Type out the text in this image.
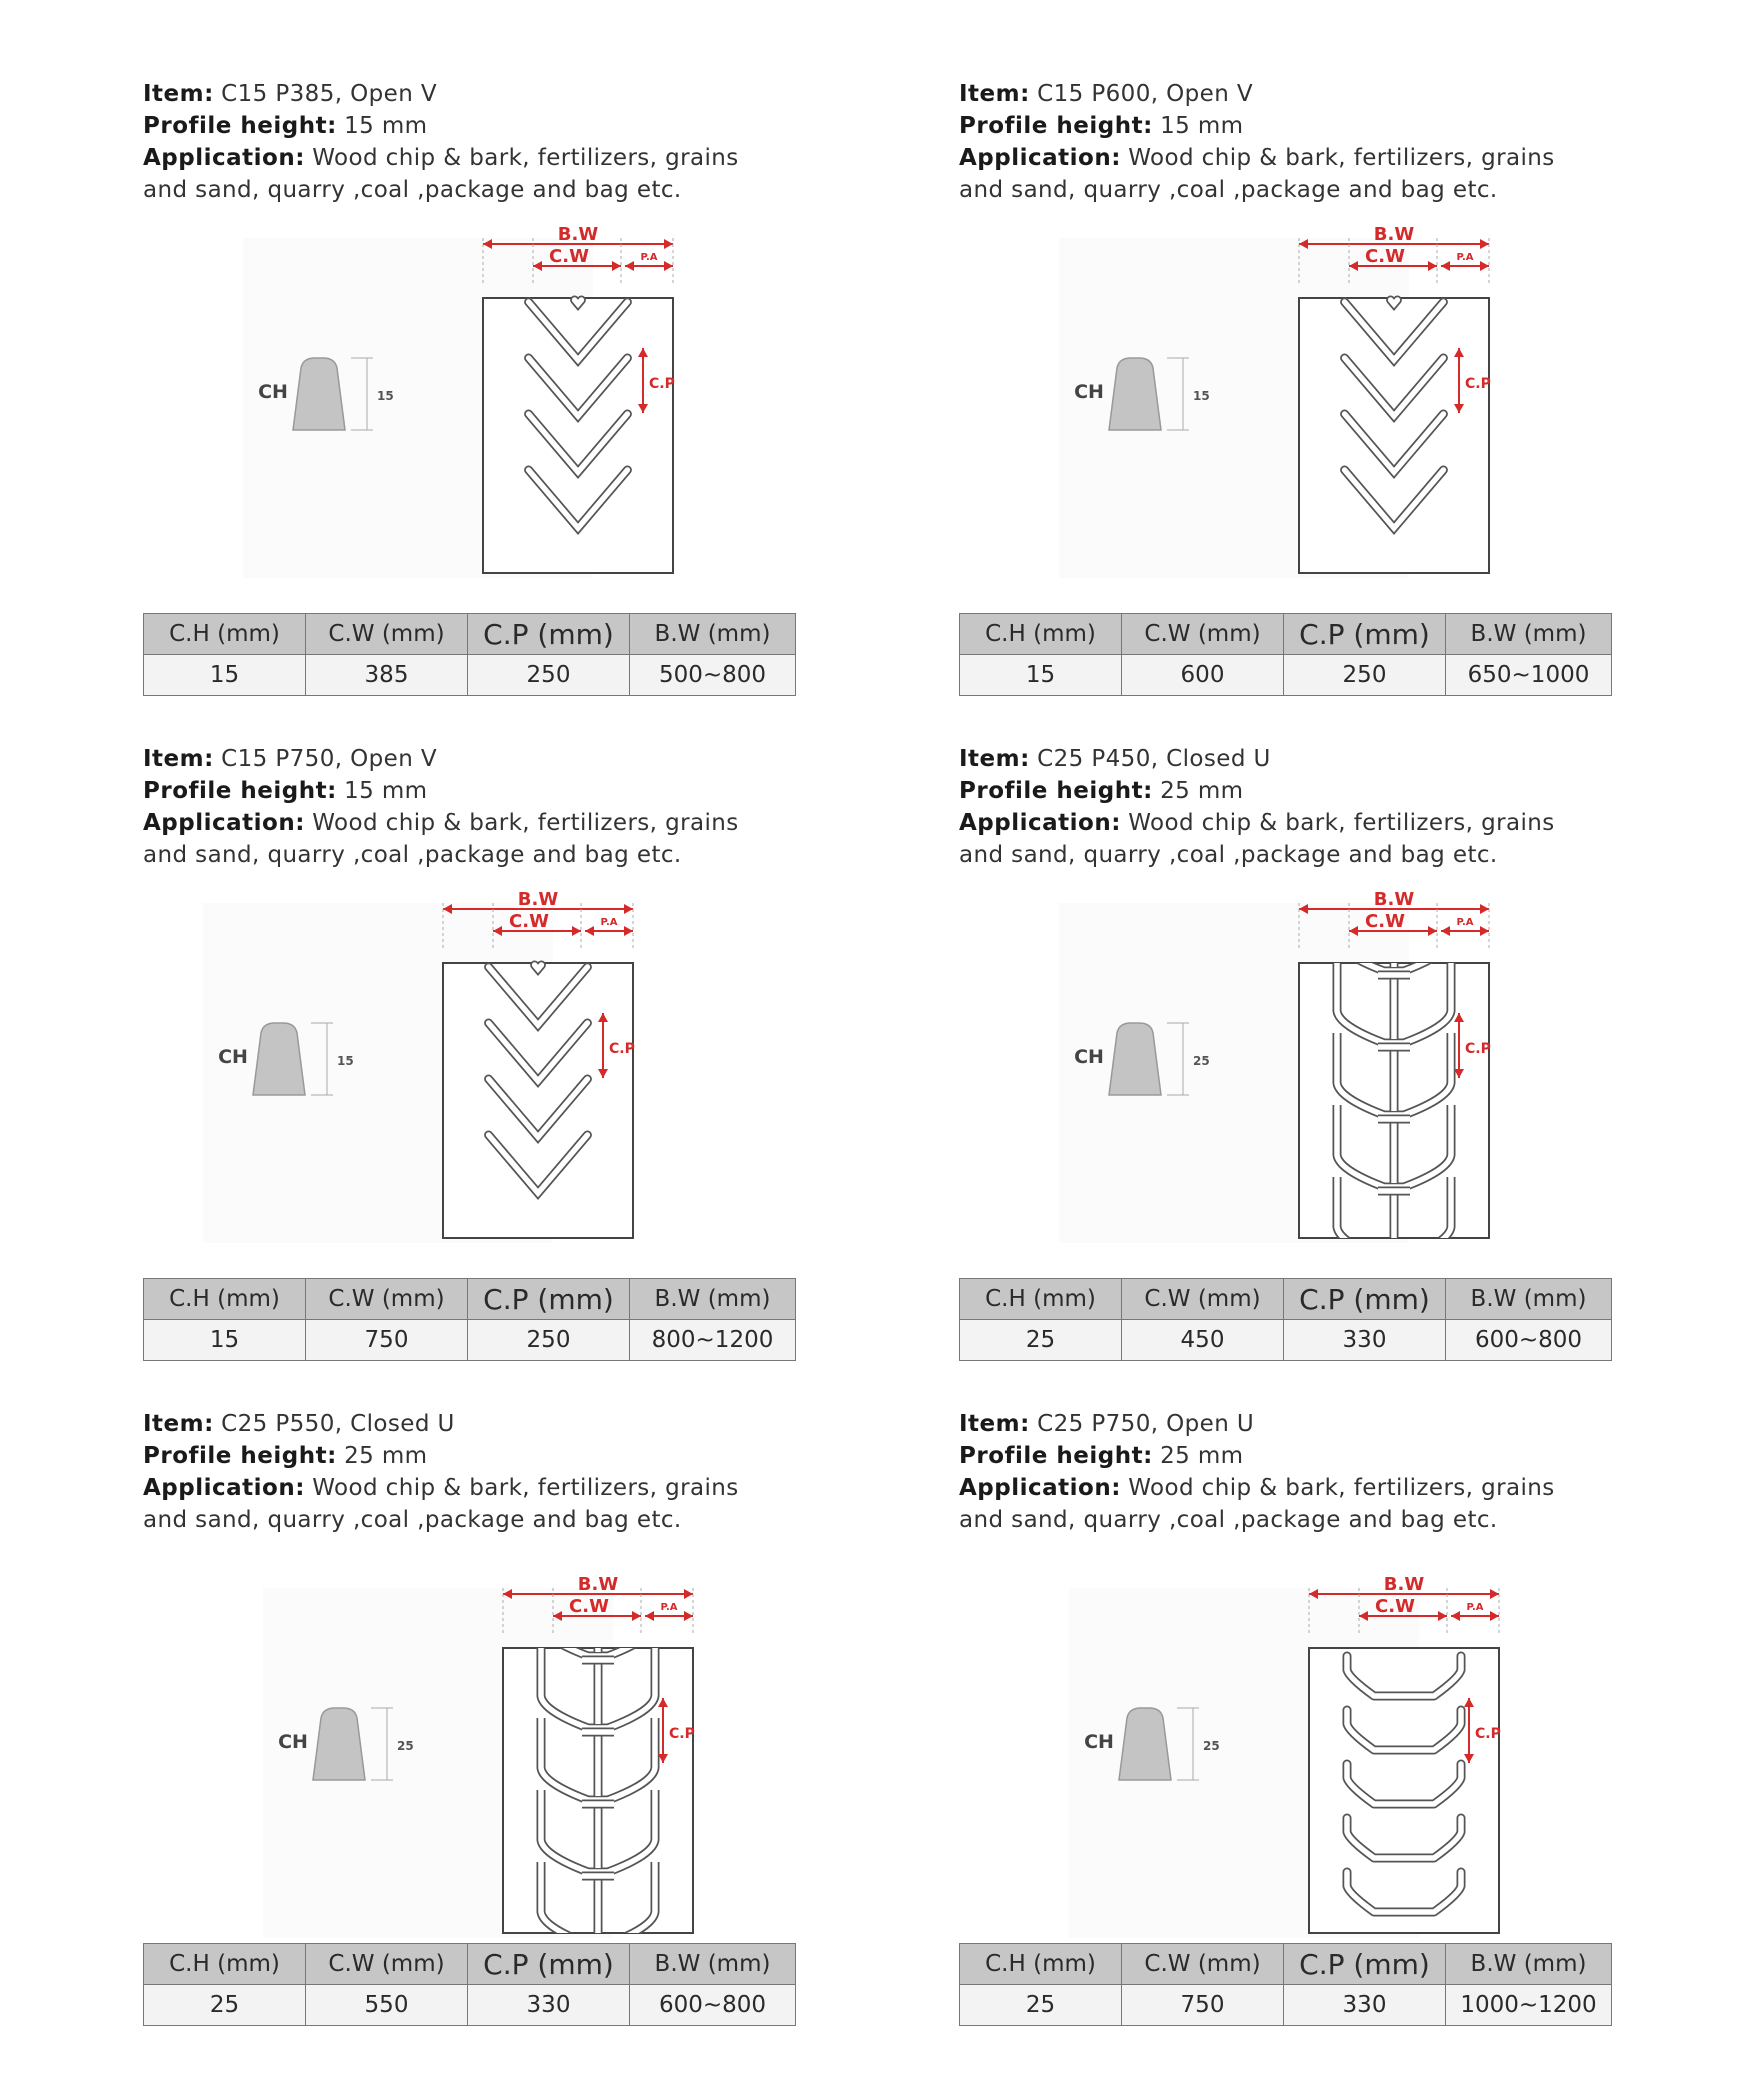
Item: C15 P385, Open V
Profile height: 15 mm
Application: Wood chip & bark, fertilizers, grains
and sand, quarry ,coal ,package and bag etc.
CH	15
B.W
C.W	P.A
C.P
C.H (mm)	C.W (mm)	C.P (mm)	B.W (mm)
15	385	250	500~800
Item: C15 P600, Open V
Profile height: 15 mm
Application: Wood chip & bark, fertilizers, grains
and sand, quarry ,coal ,package and bag etc.
CH	15
B.W
C.W	P.A
C.P
C.H (mm)	C.W (mm)	C.P (mm)	B.W (mm)
15	600	250	650~1000
Item: C15 P750, Open V
Profile height: 15 mm
Application: Wood chip & bark, fertilizers, grains
and sand, quarry ,coal ,package and bag etc.
CH	15
B.W
C.W	P.A
C.P
C.H (mm)	C.W (mm)	C.P (mm)	B.W (mm)
15	750	250	800~1200
Item: C25 P450, Closed U
Profile height: 25 mm
Application: Wood chip & bark, fertilizers, grains
and sand, quarry ,coal ,package and bag etc.
CH	25
B.W
C.W	P.A
C.P
C.H (mm)	C.W (mm)	C.P (mm)	B.W (mm)
25	450	330	600~800
Item: C25 P550, Closed U
Profile height: 25 mm
Application: Wood chip & bark, fertilizers, grains
and sand, quarry ,coal ,package and bag etc.
CH	25
B.W
C.W	P.A
C.P
C.H (mm)	C.W (mm)	C.P (mm)	B.W (mm)
25	550	330	600~800
Item: C25 P750, Open U
Profile height: 25 mm
Application: Wood chip & bark, fertilizers, grains
and sand, quarry ,coal ,package and bag etc.
CH	25
B.W
C.W	P.A
C.P
C.H (mm)	C.W (mm)	C.P (mm)	B.W (mm)
25	750	330	1000~1200
